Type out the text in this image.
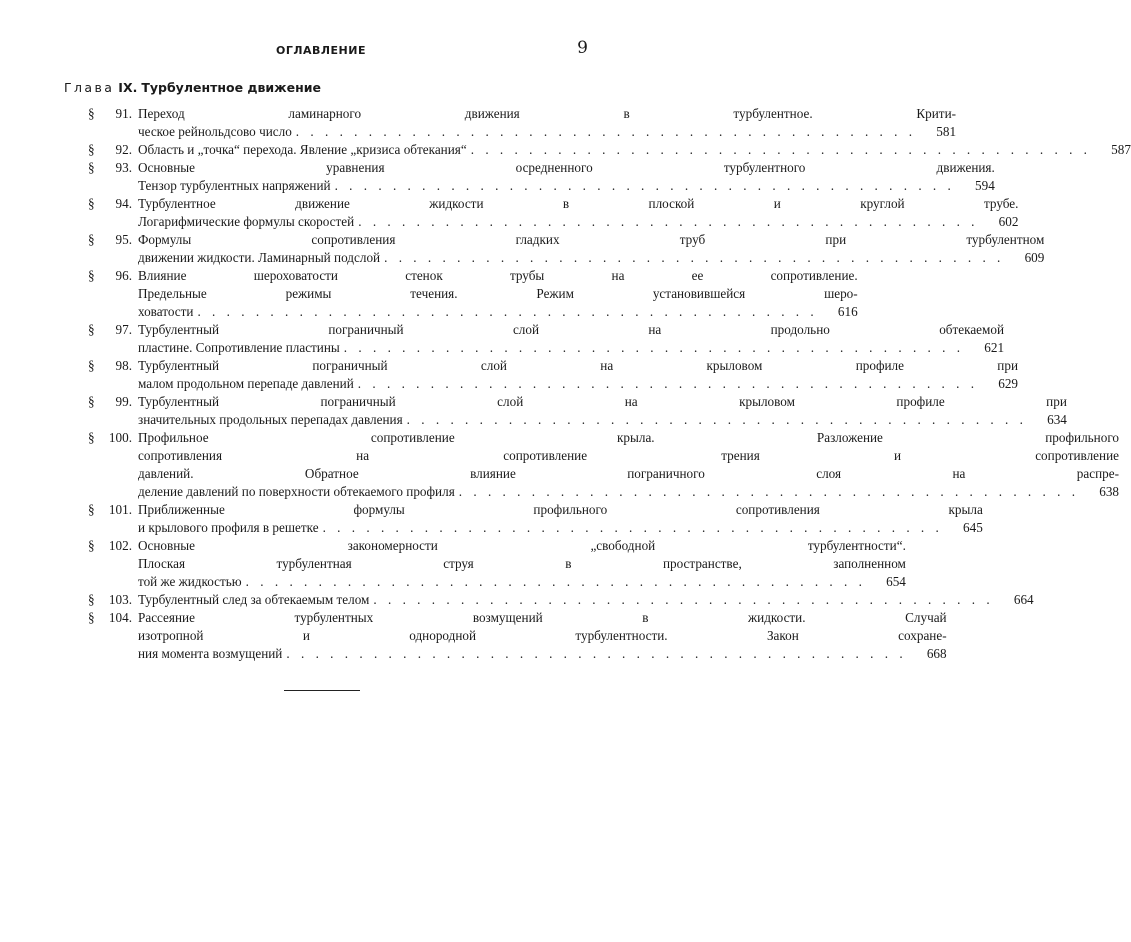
ОГЛАВЛЕНИЕ	9
Глава IX. Турбулентное движение
§	91. Переход ламинарного движения в турбулентное. Крити-
ческое рейнольдсово число . . . . . . . . . . . . . . . . . . . . . . . . . . . . . . . . . . . . . . . . . . .	581
§	92. Область и „точка“ перехода. Явление „кризиса обтекания“ . . . . . . . . . . . . . . . . . . . . . . . . . . . . . . . . . . . . . . . . . . .	587
§	93. Основные уравнения осредненного турбулентного движения.
Тензор турбулентных напряжений . . . . . . . . . . . . . . . . . . . . . . . . . . . . . . . . . . . . . . . . . . .	594
§	94. Турбулентное движение жидкости в плоской и круглой трубе.
Логарифмические формулы скоростей . . . . . . . . . . . . . . . . . . . . . . . . . . . . . . . . . . . . . . . . . . .	602
§	95. Формулы сопротивления гладких труб при турбулентном
движении жидкости. Ламинарный подслой . . . . . . . . . . . . . . . . . . . . . . . . . . . . . . . . . . . . . . . . . . .	609
§	96. Влияние шероховатости стенок трубы на ее сопротивление.
Предельные режимы течения. Режим установившейся шеро-
ховатости . . . . . . . . . . . . . . . . . . . . . . . . . . . . . . . . . . . . . . . . . . .	616
§	97. Турбулентный пограничный слой на продольно обтекаемой
пластине. Сопротивление пластины . . . . . . . . . . . . . . . . . . . . . . . . . . . . . . . . . . . . . . . . . . .	621
§	98. Турбулентный пограничный слой на крыловом профиле при
малом продольном перепаде давлений . . . . . . . . . . . . . . . . . . . . . . . . . . . . . . . . . . . . . . . . . . .	629
§	99. Турбулентный пограничный слой на крыловом профиле при
значительных продольных перепадах давления . . . . . . . . . . . . . . . . . . . . . . . . . . . . . . . . . . . . . . . . . . .	634
§	100. Профильное сопротивление крыла. Разложение профильного
сопротивления на сопротивление трения и сопротивление
давлений. Обратное влияние пограничного слоя на распре-
деление давлений по поверхности обтекаемого профиля . . . . . . . . . . . . . . . . . . . . . . . . . . . . . . . . . . . . . . . . . . .	638
§	101. Приближенные формулы профильного сопротивления крыла
и крылового профиля в решетке . . . . . . . . . . . . . . . . . . . . . . . . . . . . . . . . . . . . . . . . . . .	645
§	102. Основные закономерности „свободной турбулентности“.
Плоская турбулентная струя в пространстве, заполненном
той же жидкостью . . . . . . . . . . . . . . . . . . . . . . . . . . . . . . . . . . . . . . . . . . .	654
§	103. Турбулентный след за обтекаемым телом . . . . . . . . . . . . . . . . . . . . . . . . . . . . . . . . . . . . . . . . . . .	664
§	104. Рассеяние турбулентных возмущений в жидкости. Случай
изотропной и однородной турбулентности. Закон сохране-
ния момента возмущений . . . . . . . . . . . . . . . . . . . . . . . . . . . . . . . . . . . . . . . . . . .	668
